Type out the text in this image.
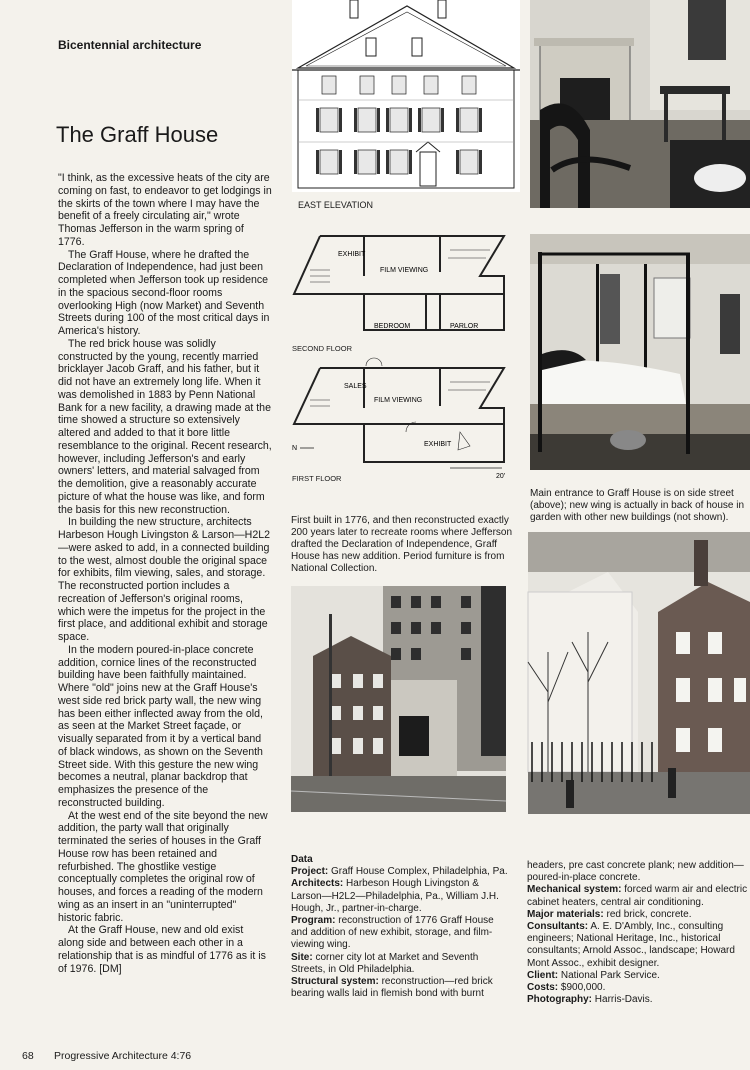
Bicentennial architecture
The Graff House

"I think, as the excessive heats of the city are coming on fast, to endeavor to get lodgings in the skirts of the town where I may have the benefit of a freely circulating air," wrote Thomas Jefferson in the warm spring of 1776.

The Graff House, where he drafted the Declaration of Independence, had just been completed when Jefferson took up residence in the spacious second-floor rooms overlooking High (now Market) and Seventh Streets during 100 of the most critical days in America's history.

The red brick house was solidly constructed by the young, recently married bricklayer Jacob Graff, and his father, but it did not have an extremely long life. When it was demolished in 1883 by Penn National Bank for a new facility, a drawing made at the time showed a structure so extensively altered and added to that it bore little resemblance to the original. Recent research, however, including Jefferson's and early owners' letters, and material salvaged from the demolition, give a reasonably accurate picture of what the house was like, and form the basis for this new reconstruction.

In building the new structure, architects Harbeson Hough Livingston & Larson—H2L2—were asked to add, in a connected building to the west, almost double the original space for exhibits, film viewing, sales, and storage. The reconstructed portion includes a recreation of Jefferson's original rooms, which were the impetus for the project in the first place, and additional exhibit and storage space.

In the modern poured-in-place concrete addition, cornice lines of the reconstructed building have been faithfully maintained. Where "old" joins new at the Graff House's west side red brick party wall, the new wing has been either inflected away from the old, as seen at the Market Street façade, or visually separated from it by a vertical band of black windows, as shown on the Seventh Street side. With this gesture the new wing becomes a neutral, planar backdrop that emphasizes the presence of the reconstructed building.

At the west end of the site beyond the new addition, the party wall that originally terminated the series of houses in the Graff House row has been retained and refurbished. The ghostlike vestige conceptually completes the original row of houses, and forces a reading of the modern wing as an insert in an "uninterrupted" historic fabric.

At the Graff House, new and old exist along side and between each other in a relationship that is as mindful of 1776 as it is of 1976. [DM]

EAST ELEVATION
EXHIBIT
FILM VIEWING
BEDROOM	PARLOR
SECOND FLOOR
SALES
FILM VIEWING
EXHIBIT
N
20'
FIRST FLOOR
First built in 1776, and then reconstructed exactly 200 years later to recreate rooms where Jefferson drafted the Declaration of Independence, Graff House has new addition. Period furniture is from National Collection.
Main entrance to Graff House is on side street (above); new wing is actually in back of house in garden with other new buildings (not shown).

Data

Project: Graff House Complex, Philadelphia, Pa.

Architects: Harbeson Hough Livingston & Larson—H2L2—Philadelphia, Pa., William J.H. Hough, Jr., partner-in-charge.

Program: reconstruction of 1776 Graff House and addition of new exhibit, storage, and film-viewing wing.

Site: corner city lot at Market and Seventh Streets, in Old Philadelphia.

Structural system: reconstruction—red brick bearing walls laid in flemish bond with burnt

headers, pre cast concrete plank; new addition—poured-in-place concrete.

Mechanical system: forced warm air and electric cabinet heaters, central air conditioning.

Major materials: red brick, concrete.

Consultants: A. E. D'Ambly, Inc., consulting engineers; National Heritage, Inc., historical consultants; Arnold Assoc., landscape; Howard Mont Assoc., exhibit designer.

Client: National Park Service.

Costs: $900,000.

Photography: Harris-Davis.

68 Progressive Architecture 4:76
